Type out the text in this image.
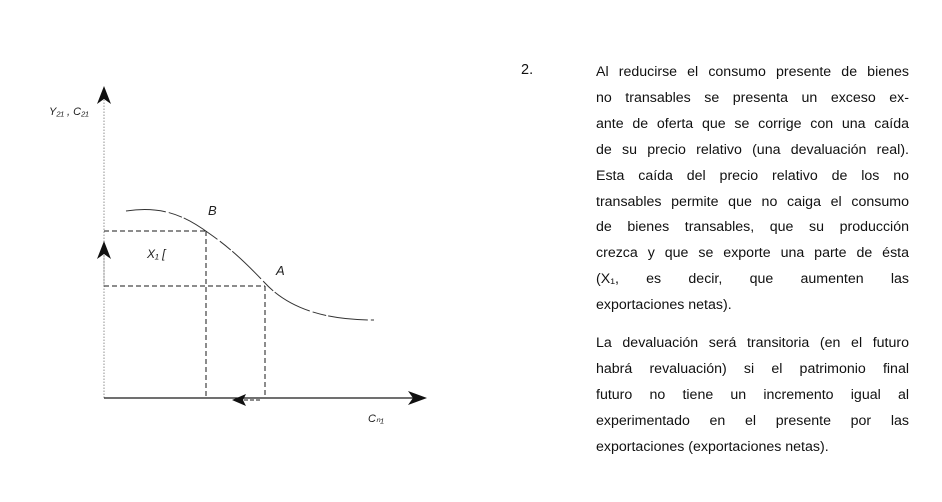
Y₂₁ , C₂₁
B
X₁ [
A
Cₙ₁
2.	Al reducirse el consumo presente de bienes
no transables se presenta un exceso ex-
ante de oferta que se corrige con una caída
de su precio relativo (una devaluación real).
Esta caída del precio relativo de los no
transables permite que no caiga el consumo
de bienes transables, que su producción
crezca y que se exporte una parte de ésta
(X₁, es decir, que aumenten las
exportaciones netas).
La devaluación será transitoria (en el futuro
habrá revaluación) si el patrimonio final
futuro no tiene un incremento igual al
experimentado en el presente por las
exportaciones (exportaciones netas).
